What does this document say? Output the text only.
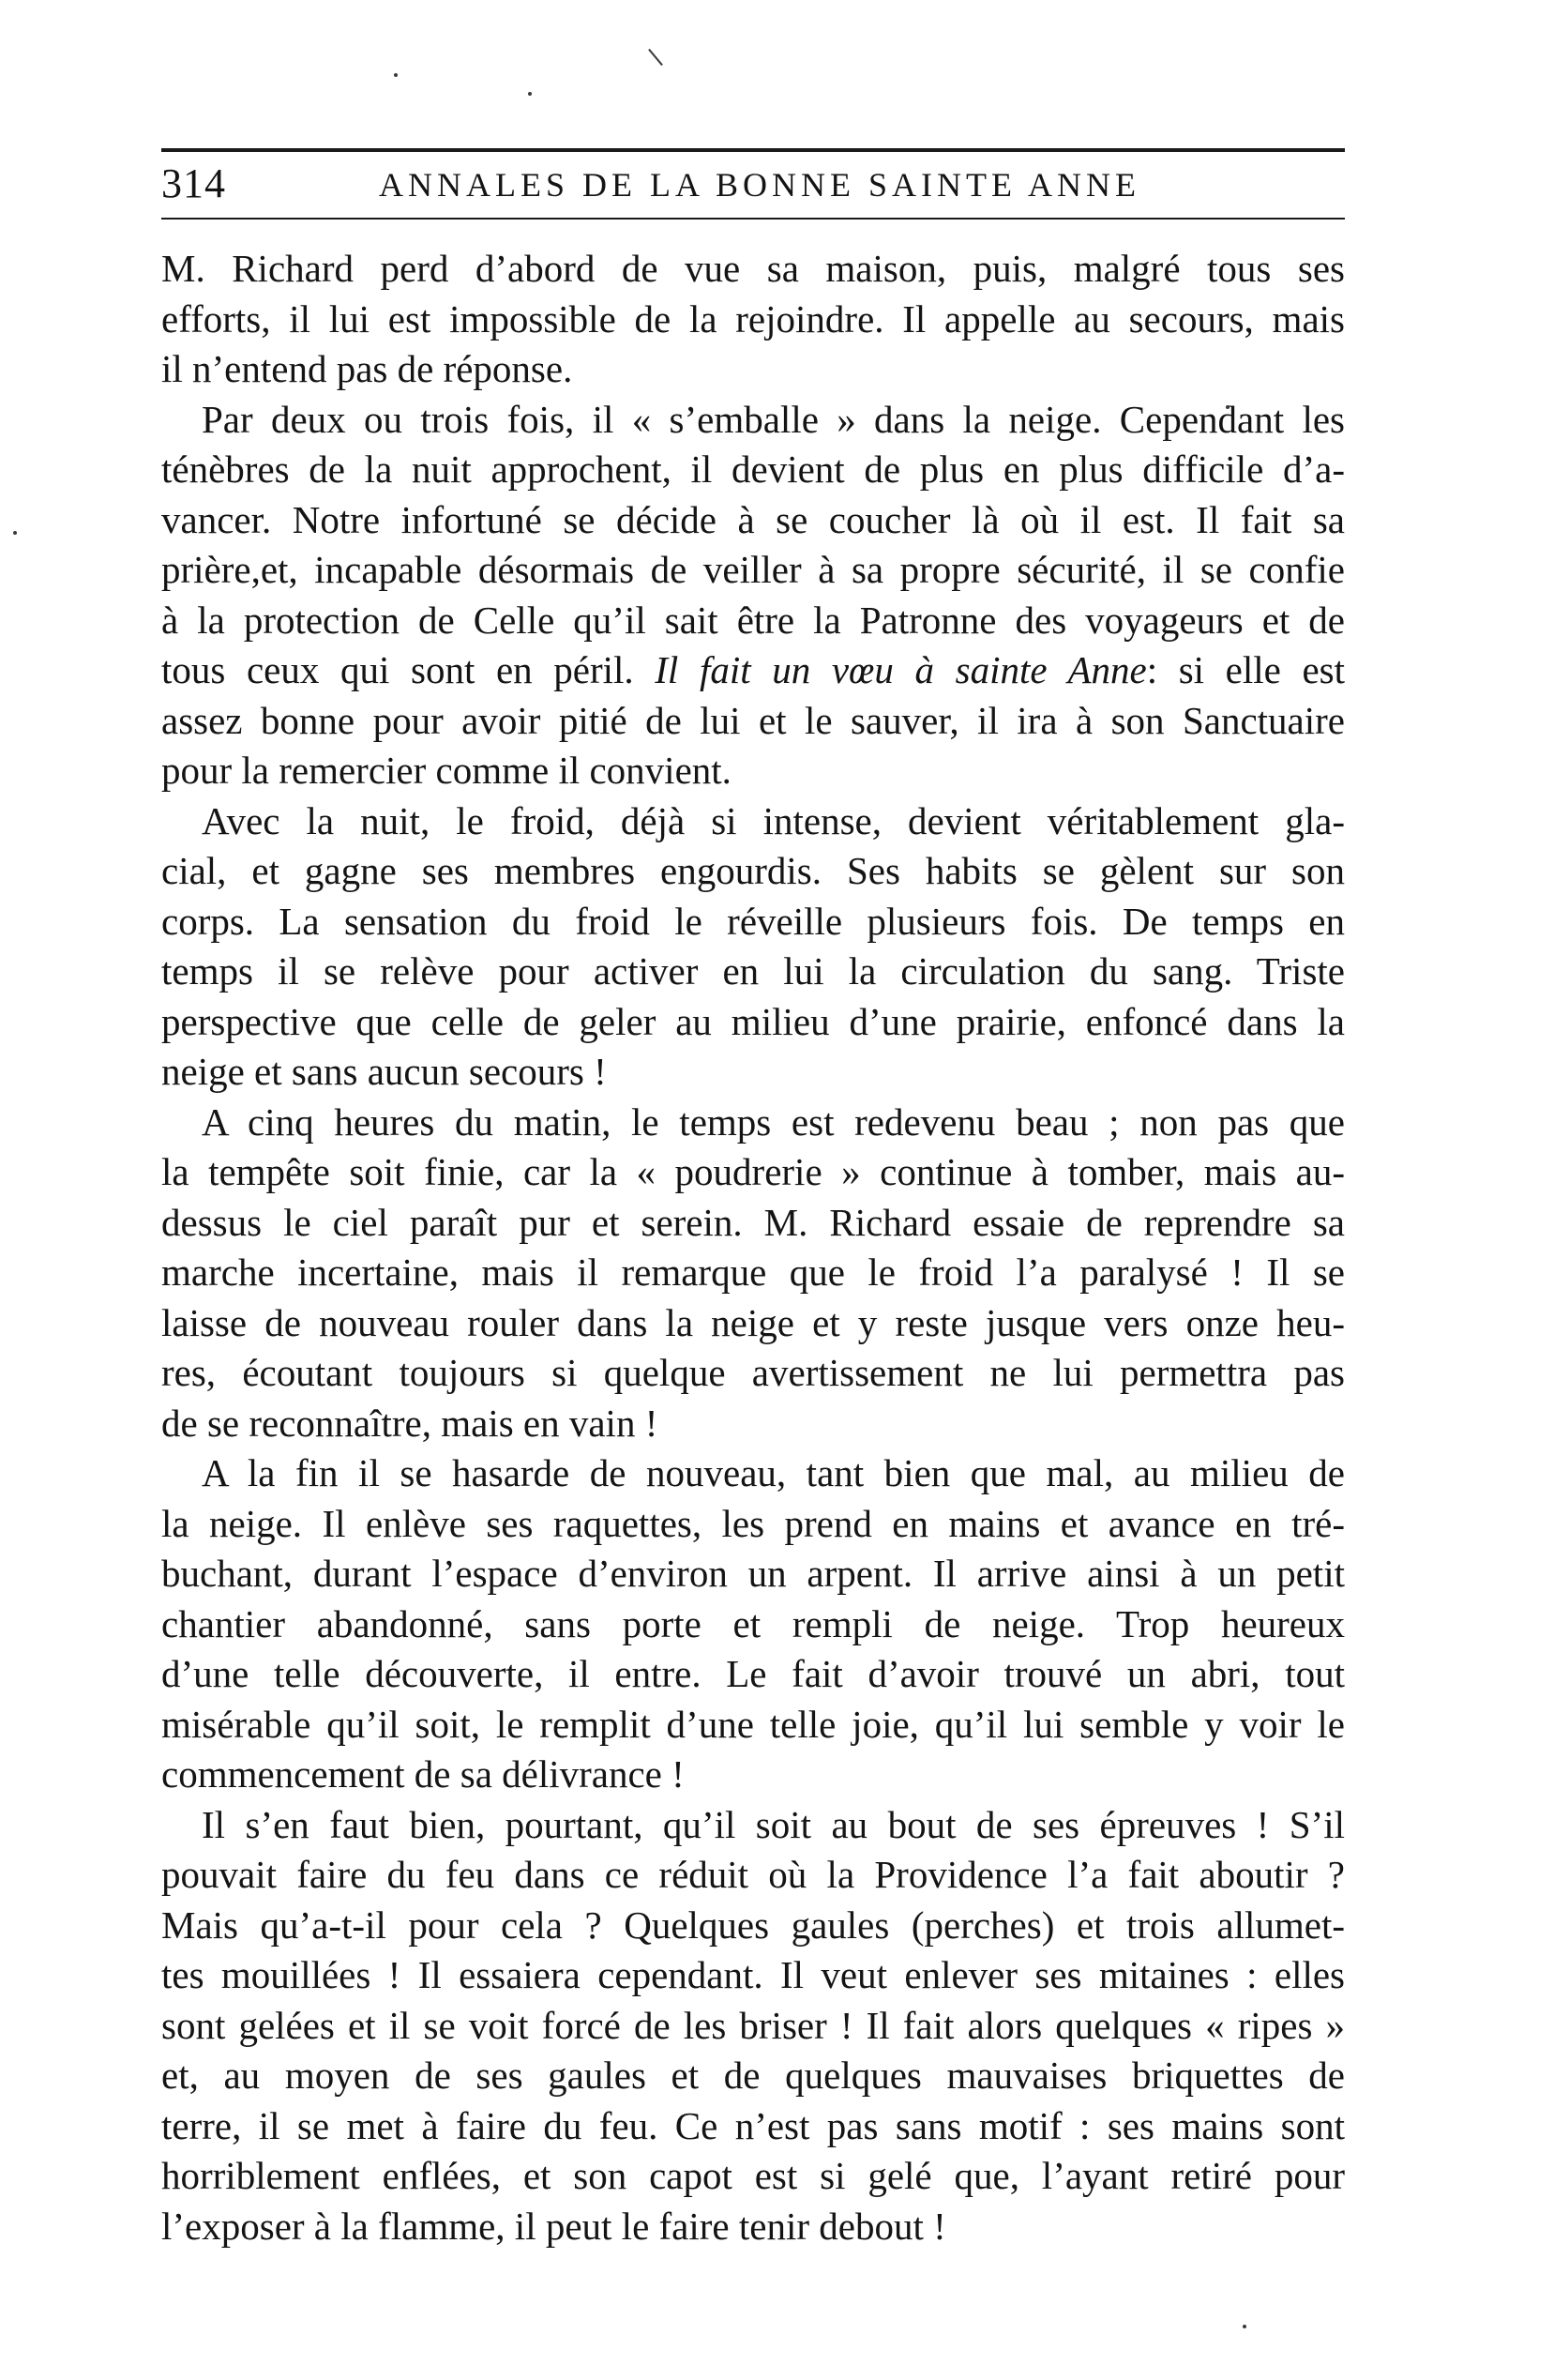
314	ANNALES DE LA BONNE SAINTE ANNE

M. Richard perd d’abord de vue sa maison, puis, malgré tous ses
efforts, il lui est impossible de la rejoindre. Il appelle au secours, mais
il n’entend pas de réponse.

Par deux ou trois fois, il « s’emballe » dans la neige. Cependant les
ténèbres de la nuit approchent, il devient de plus en plus difficile d’a-
vancer. Notre infortuné se décide à se coucher là où il est. Il fait sa
prière,et, incapable désormais de veiller à sa propre sécurité, il se confie
à la protection de Celle qu’il sait être la Patronne des voyageurs et de
tous ceux qui sont en péril. Il fait un vœu à sainte Anne: si elle est
assez bonne pour avoir pitié de lui et le sauver, il ira à son Sanctuaire
pour la remercier comme il convient.

Avec la nuit, le froid, déjà si intense, devient véritablement gla-
cial, et gagne ses membres engourdis. Ses habits se gèlent sur son
corps. La sensation du froid le réveille plusieurs fois. De temps en
temps il se relève pour activer en lui la circulation du sang. Triste
perspective que celle de geler au milieu d’une prairie, enfoncé dans la
neige et sans aucun secours !

A cinq heures du matin, le temps est redevenu beau ; non pas que
la tempête soit finie, car la « poudrerie » continue à tomber, mais au-
dessus le ciel paraît pur et serein. M. Richard essaie de reprendre sa
marche incertaine, mais il remarque que le froid l’a paralysé ! Il se
laisse de nouveau rouler dans la neige et y reste jusque vers onze heu-
res, écoutant toujours si quelque avertissement ne lui permettra pas
de se reconnaître, mais en vain !

A la fin il se hasarde de nouveau, tant bien que mal, au milieu de
la neige. Il enlève ses raquettes, les prend en mains et avance en tré-
buchant, durant l’espace d’environ un arpent. Il arrive ainsi à un petit
chantier abandonné, sans porte et rempli de neige. Trop heureux
d’une telle découverte, il entre. Le fait d’avoir trouvé un abri, tout
misérable qu’il soit, le remplit d’une telle joie, qu’il lui semble y voir le
commencement de sa délivrance !

Il s’en faut bien, pourtant, qu’il soit au bout de ses épreuves ! S’il
pouvait faire du feu dans ce réduit où la Providence l’a fait aboutir ?
Mais qu’a-t-il pour cela ? Quelques gaules (perches) et trois allumet-
tes mouillées ! Il essaiera cependant. Il veut enlever ses mitaines : elles
sont gelées et il se voit forcé de les briser ! Il fait alors quelques « ripes »
et, au moyen de ses gaules et de quelques mauvaises briquettes de
terre, il se met à faire du feu. Ce n’est pas sans motif : ses mains sont
horriblement enflées, et son capot est si gelé que, l’ayant retiré pour
l’exposer à la flamme, il peut le faire tenir debout !
